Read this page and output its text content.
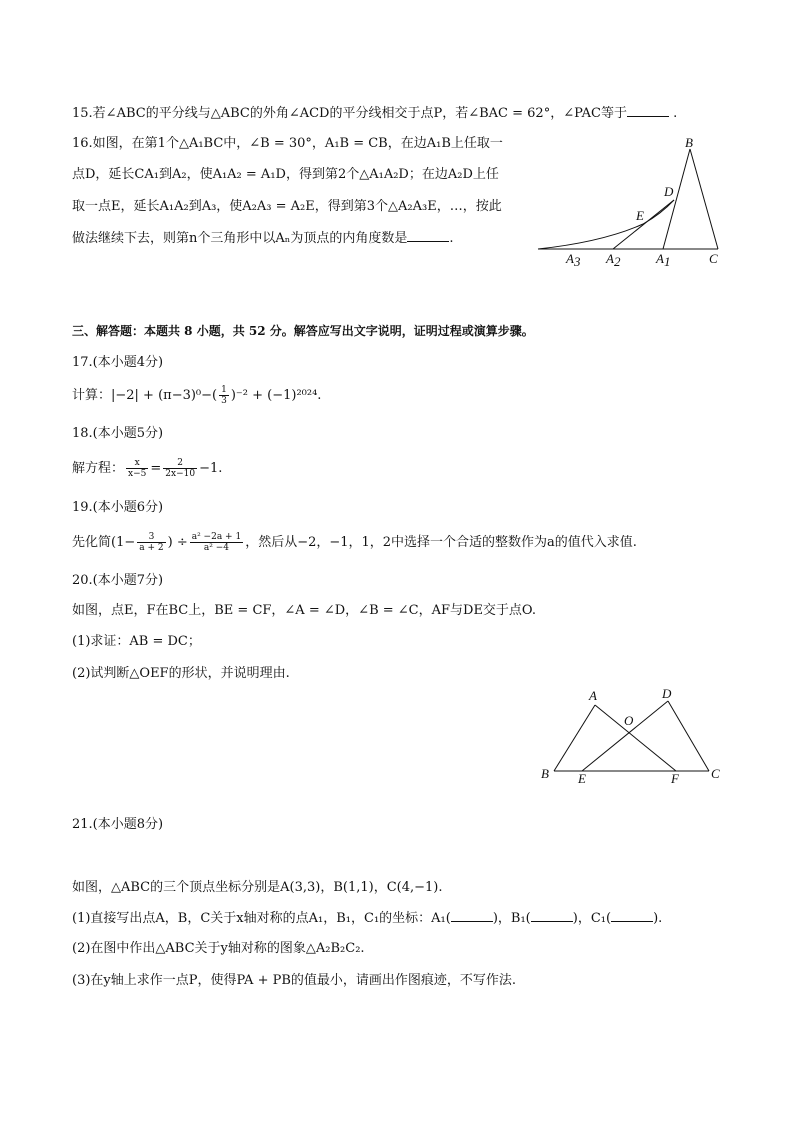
15.若∠ABC的平分线与△ABC的外角∠ACD的平分线相交于点P，若∠BAC = 62°，∠PAC等于	.
16.如图，在第1个△A₁BC中，∠B = 30°，A₁B = CB，在边A₁B上任取一
点D，延长CA₁到A₂，使A₁A₂ = A₁D，得到第2个△A₁A₂D；在边A₂D上任
取一点E，延长A₁A₂到A₃，使A₂A₃ = A₂E，得到第3个△A₂A₃E，…，按此
做法继续下去，则第n个三角形中以Aₙ为顶点的内角度数是	.
B
D
E
A3 A2	A1	C
三、解答题：本题共 8 小题，共 52 分。解答应写出文字说明，证明过程或演算步骤。
17.(本小题4分)
计算：$|-2| + (\pi-3)^0-( \frac{1}{3} )^{-2} + (-1)^{2024}$.
18.(本小题5分)
解方程： $\frac{x}{x-5} = \frac{2}{2x-10} -1$.
19.(本小题6分)
先化简($1- \frac{3}{a + 2}$ ) ÷ $\frac{\text{a² −2a + 1}}{\text{a² −4}}$ ，然后从−2，−1，1，2中选择一个合适的整数作为a的值代入求值.
20.(本小题7分)
如图，点E，F在BC上，BE = CF，∠A = ∠D，∠B = ∠C，AF与DE交于点O.
(1)求证：AB = DC；
(2)试判断△OEF的形状，并说明理由.
A	D
O
B E	F C
21.(本小题8分)
如图，△ABC的三个顶点坐标分别是A(3,3)，B(1,1)，C(4,−1).
(1)直接写出点A，B，C关于x轴对称的点A₁，B₁，C₁的坐标：A₁(	)，B₁(	)，C₁(	).
(2)在图中作出△ABC关于y轴对称的图象△A₂B₂C₂.
(3)在y轴上求作一点P，使得PA + PB的值最小，请画出作图痕迹，不写作法.
